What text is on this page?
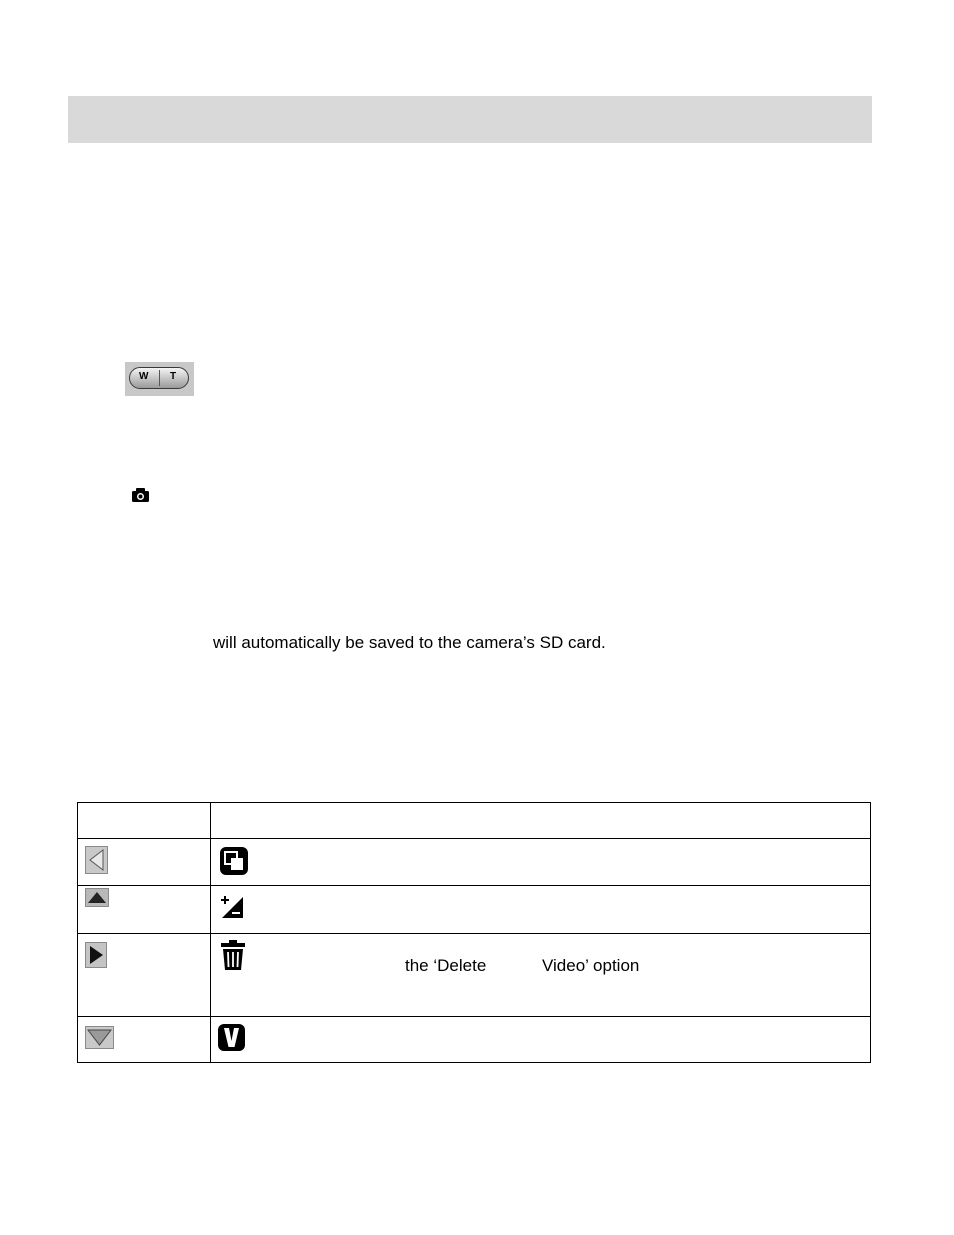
W T
will automatically be saved to the camera’s SD card.

the ‘Delete Video’ option
